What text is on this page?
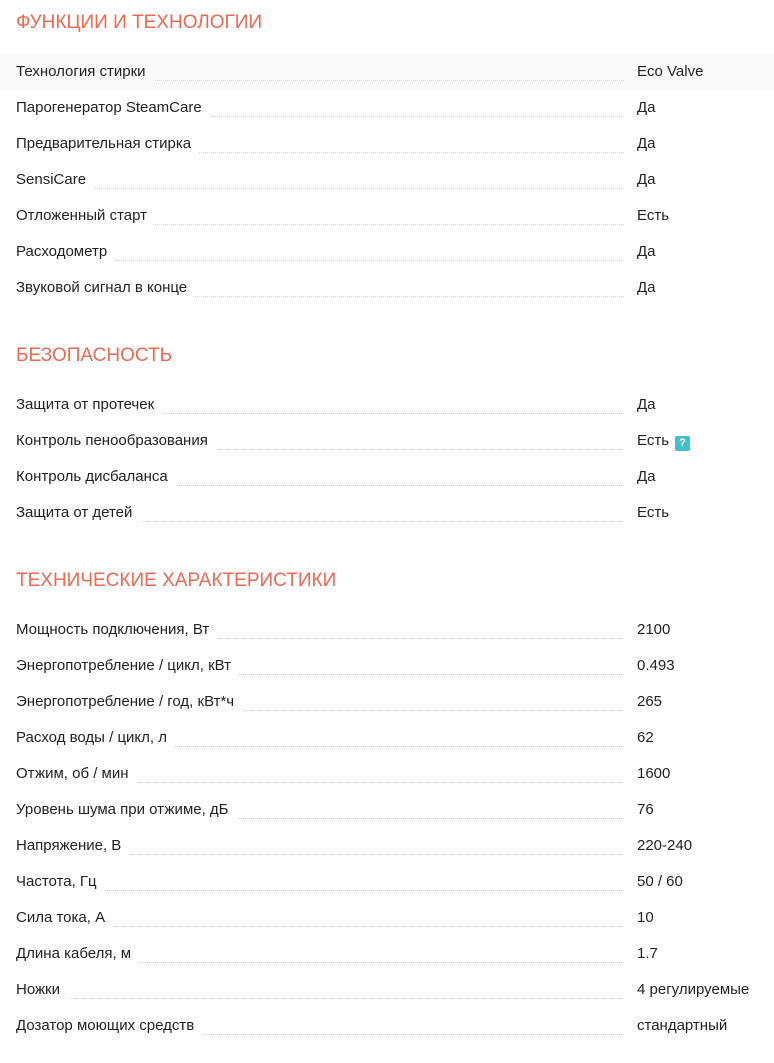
ФУНКЦИИ И ТЕХНОЛОГИИ
Технология стирки	Eco Valve
Парогенератор SteamCare	Да
Предварительная стирка	Да
SensiCare	Да
Отложенный старт	Есть
Расходометр	Да
Звуковой сигнал в конце	Да
БЕЗОПАСНОСТЬ
Защита от протечек	Да
Контроль пенообразования	Есть ?
Контроль дисбаланса	Да
Защита от детей	Есть
ТЕХНИЧЕСКИЕ ХАРАКТЕРИСТИКИ
Мощность подключения, Вт	2100
Энергопотребление / цикл, кВт	0.493
Энергопотребление / год, кВт*ч	265
Расход воды / цикл, л	62
Отжим, об / мин	1600
Уровень шума при отжиме, дБ	76
Напряжение, В	220-240
Частота, Гц	50 / 60
Сила тока, А	10
Длина кабеля, м	1.7
Ножки	4 регулируемые
Дозатор моющих средств	стандартный
